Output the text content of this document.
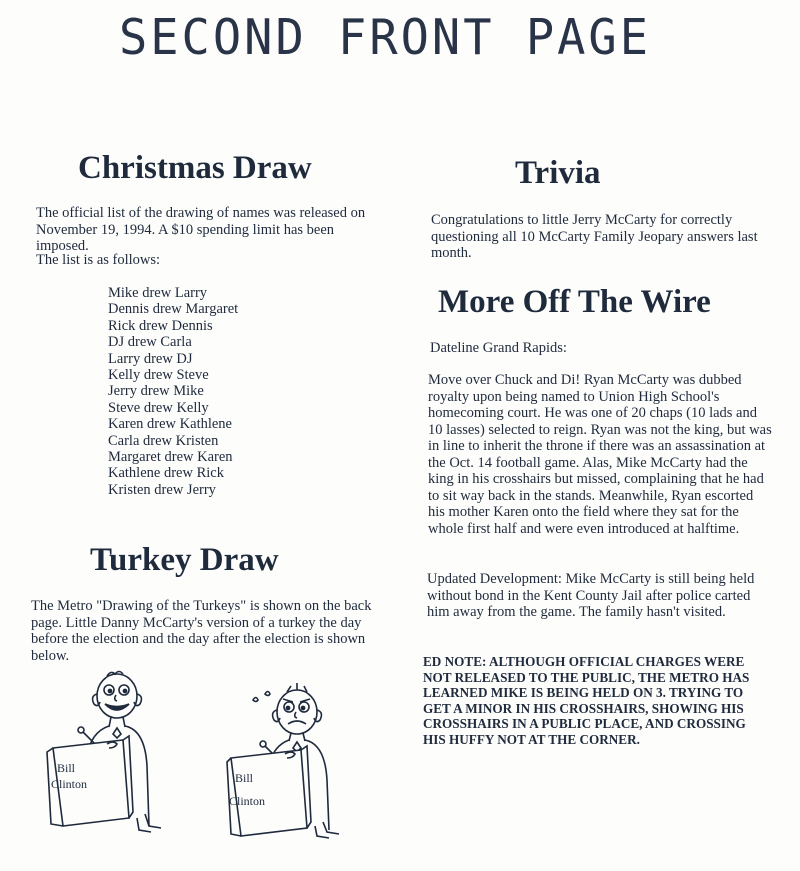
SECOND FRONT PAGE
Christmas Draw

The official list of the drawing of names was released on November 19, 1994. A $10 spending limit has been imposed.

The list is as follows:

Mike drew Larry
Dennis drew Margaret
Rick drew Dennis
DJ drew Carla
Larry drew DJ
Kelly drew Steve
Jerry drew Mike
Steve drew Kelly
Karen drew Kathlene
Carla drew Kristen
Margaret drew Karen
Kathlene drew Rick
Kristen drew Jerry
Turkey Draw

The Metro "Drawing of the Turkeys" is shown on the back page. Little Danny McCarty's version of a turkey the day before the election and the day after the election is shown below.

Bill
Clinton	Bill
Clinton
Trivia

Congratulations to little Jerry McCarty for correctly questioning all 10 McCarty Family Jeopary answers last month.

More Off The Wire

Dateline Grand Rapids:

Move over Chuck and Di! Ryan McCarty was dubbed royalty upon being named to Union High School's homecoming court. He was one of 20 chaps (10 lads and 10 lasses) selected to reign. Ryan was not the king, but was in line to inherit the throne if there was an assassination at the Oct. 14 football game. Alas, Mike McCarty had the king in his crosshairs but missed, complaining that he had to sit way back in the stands. Meanwhile, Ryan escorted his mother Karen onto the field where they sat for the whole first half and were even introduced at halftime.

Updated Development: Mike McCarty is still being held without bond in the Kent County Jail after police carted him away from the game. The family hasn't visited.

ED NOTE: ALTHOUGH OFFICIAL CHARGES WERE NOT RELEASED TO THE PUBLIC, THE METRO HAS LEARNED MIKE IS BEING HELD ON 3. TRYING TO GET A MINOR IN HIS CROSSHAIRS, SHOWING HIS CROSSHAIRS IN A PUBLIC PLACE, AND CROSSING HIS HUFFY NOT AT THE CORNER.
